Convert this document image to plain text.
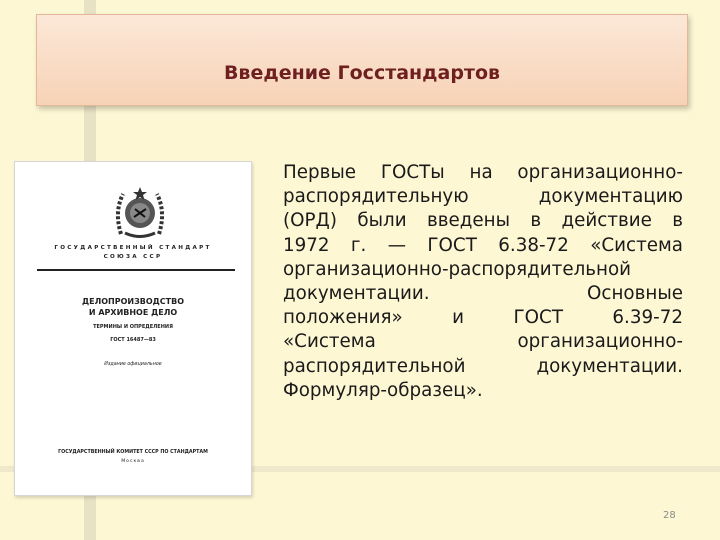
Введение Госстандартов
ГОСУДАРСТВЕННЫЙ СТАНДАРТ
СОЮЗА ССР
ДЕЛОПРОИЗВОДСТВО
И АРХИВНОЕ ДЕЛО
ТЕРМИНЫ И ОПРЕДЕЛЕНИЯ
ГОСТ 16487—83
Издание официальное
ГОСУДАРСТВЕННЫЙ КОМИТЕТ СССР ПО СТАНДАРТАМ
Москва
Первые ГОСТы на организационно-
распорядительную документацию
(ОРД) были введены в действие в
1972 г. — ГОСТ 6.38-72 «Система
организационно-распорядительной
документации. Основные
положения» и ГОСТ 6.39-72
«Система организационно-
распорядительной документации.
Формуляр-образец».
28
